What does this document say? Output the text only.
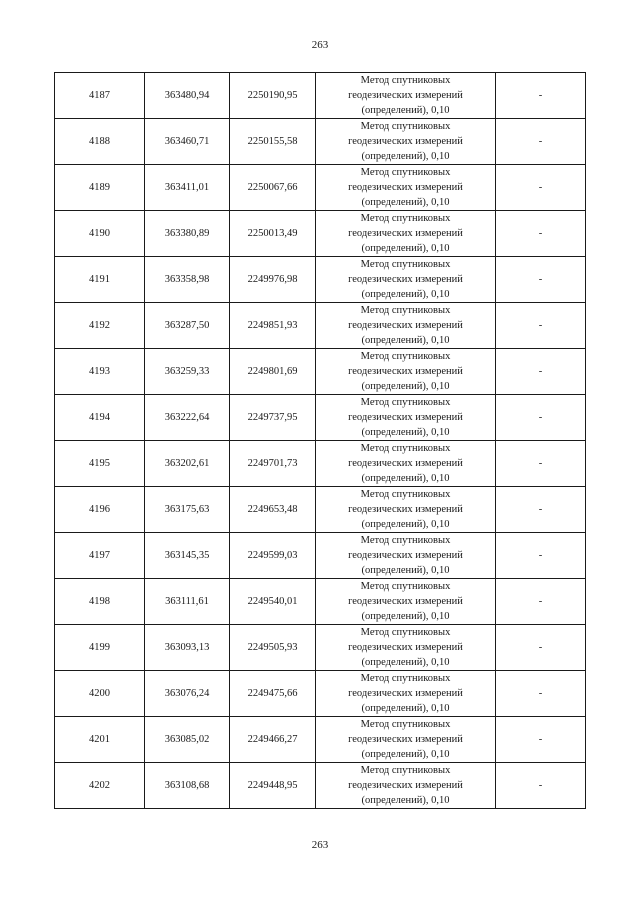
263
4187	363480,94	2250190,95	Метод спутниковых
геодезических измерений
(определений), 0,10	-
4188	363460,71	2250155,58	Метод спутниковых
геодезических измерений
(определений), 0,10	-
4189	363411,01	2250067,66	Метод спутниковых
геодезических измерений
(определений), 0,10	-
4190	363380,89	2250013,49	Метод спутниковых
геодезических измерений
(определений), 0,10	-
4191	363358,98	2249976,98	Метод спутниковых
геодезических измерений
(определений), 0,10	-
4192	363287,50	2249851,93	Метод спутниковых
геодезических измерений
(определений), 0,10	-
4193	363259,33	2249801,69	Метод спутниковых
геодезических измерений
(определений), 0,10	-
4194	363222,64	2249737,95	Метод спутниковых
геодезических измерений
(определений), 0,10	-
4195	363202,61	2249701,73	Метод спутниковых
геодезических измерений
(определений), 0,10	-
4196	363175,63	2249653,48	Метод спутниковых
геодезических измерений
(определений), 0,10	-
4197	363145,35	2249599,03	Метод спутниковых
геодезических измерений
(определений), 0,10	-
4198	363111,61	2249540,01	Метод спутниковых
геодезических измерений
(определений), 0,10	-
4199	363093,13	2249505,93	Метод спутниковых
геодезических измерений
(определений), 0,10	-
4200	363076,24	2249475,66	Метод спутниковых
геодезических измерений
(определений), 0,10	-
4201	363085,02	2249466,27	Метод спутниковых
геодезических измерений
(определений), 0,10	-
4202	363108,68	2249448,95	Метод спутниковых
геодезических измерений
(определений), 0,10	-
263
